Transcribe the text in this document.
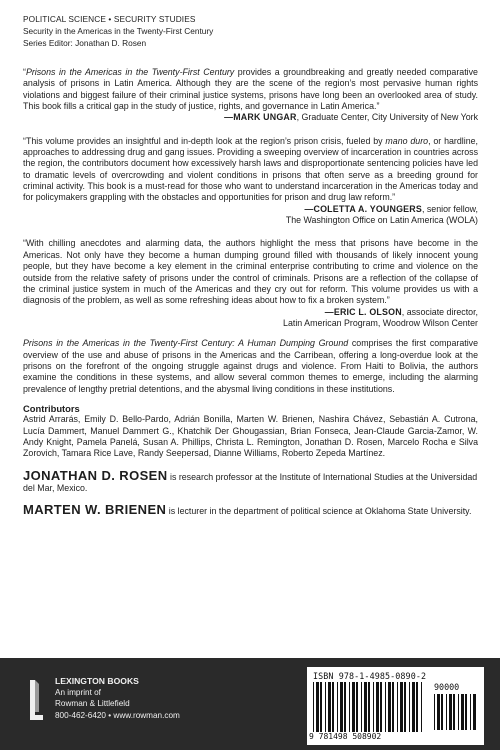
POLITICAL SCIENCE • SECURITY STUDIES
Security in the Americas in the Twenty-First Century
Series Editor: Jonathan D. Rosen
“Prisons in the Americas in the Twenty-First Century provides a groundbreaking and greatly needed comparative analysis of prisons in Latin America. Although they are the scene of the region’s most pervasive human rights violations and biggest failure of their criminal justice systems, prisons have long been an overlooked area of study. This book fills a critical gap in the study of justice, rights, and governance in Latin America.”
—MARK UNGAR, Graduate Center, City University of New York
“This volume provides an insightful and in-depth look at the region’s prison crisis, fueled by mano duro, or hardline, approaches to addressing drug and gang issues. Providing a sweeping overview of incarceration in countries across the region, the contributors document how excessively harsh laws and disproportionate sentencing policies have led to dramatic levels of overcrowding and violent conditions in prisons that often serve as a breeding ground for criminal activity. This book is a must-read for those who want to understand incarceration in the Americas today and for policymakers grappling with the obstacles and opportunities for prison and drug law reform.”
—COLETTA A. YOUNGERS, senior fellow,
The Washington Office on Latin America (WOLA)
“With chilling anecdotes and alarming data, the authors highlight the mess that prisons have become in the Americas. Not only have they become a human dumping ground filled with thousands of likely innocent young people, but they have become a key element in the criminal enterprise contributing to crime and violence on the outside from the relative safety of prisons under the control of criminals. Prisons are a reflection of the collapse of the criminal justice system in much of the Americas and they cry out for reform. This volume provides us with a diagnosis of the problem, as well as some refreshing ideas about how to fix a broken system.”
—ERIC L. OLSON, associate director,
Latin American Program, Woodrow Wilson Center
Prisons in the Americas in the Twenty-First Century: A Human Dumping Ground comprises the first comparative overview of the use and abuse of prisons in the Americas and the Carribean, offering a long-overdue look at the prisons on the forefront of the ongoing struggle against drugs and violence. From Haiti to Bolivia, the authors examine the conditions in these systems, and allow several common themes to emerge, including the alarming prevalence of lengthy pretrial detentions, and the abysmal living conditions in these institutions.
Contributors
Astrid Arrarás, Emily D. Bello-Pardo, Adrián Bonilla, Marten W. Brienen, Nashira Chávez, Sebastián A. Cutrona, Lucía Dammert, Manuel Dammert G., Khatchik Der Ghougassian, Brian Fonseca, Jean-Claude Garcia-Zamor, W. Andy Knight, Pamela Panelá, Susan A. Phillips, Christa L. Remington, Jonathan D. Rosen, Marcelo Rocha e Silva Zorovich, Tamara Rice Lave, Randy Seepersad, Dianne Williams, Roberto Zepeda Martínez.
JONATHAN D. ROSEN is research professor at the Institute of International Studies at the Universidad del Mar, Mexico.
MARTEN W. BRIENEN is lecturer in the department of political science at Oklahoma State University.
LEXINGTON BOOKS
An imprint of
Rowman & Littlefield
800-462-6420 • www.rowman.com
ISBN 978-1-4985-0890-2
90000
9 781498 508902
